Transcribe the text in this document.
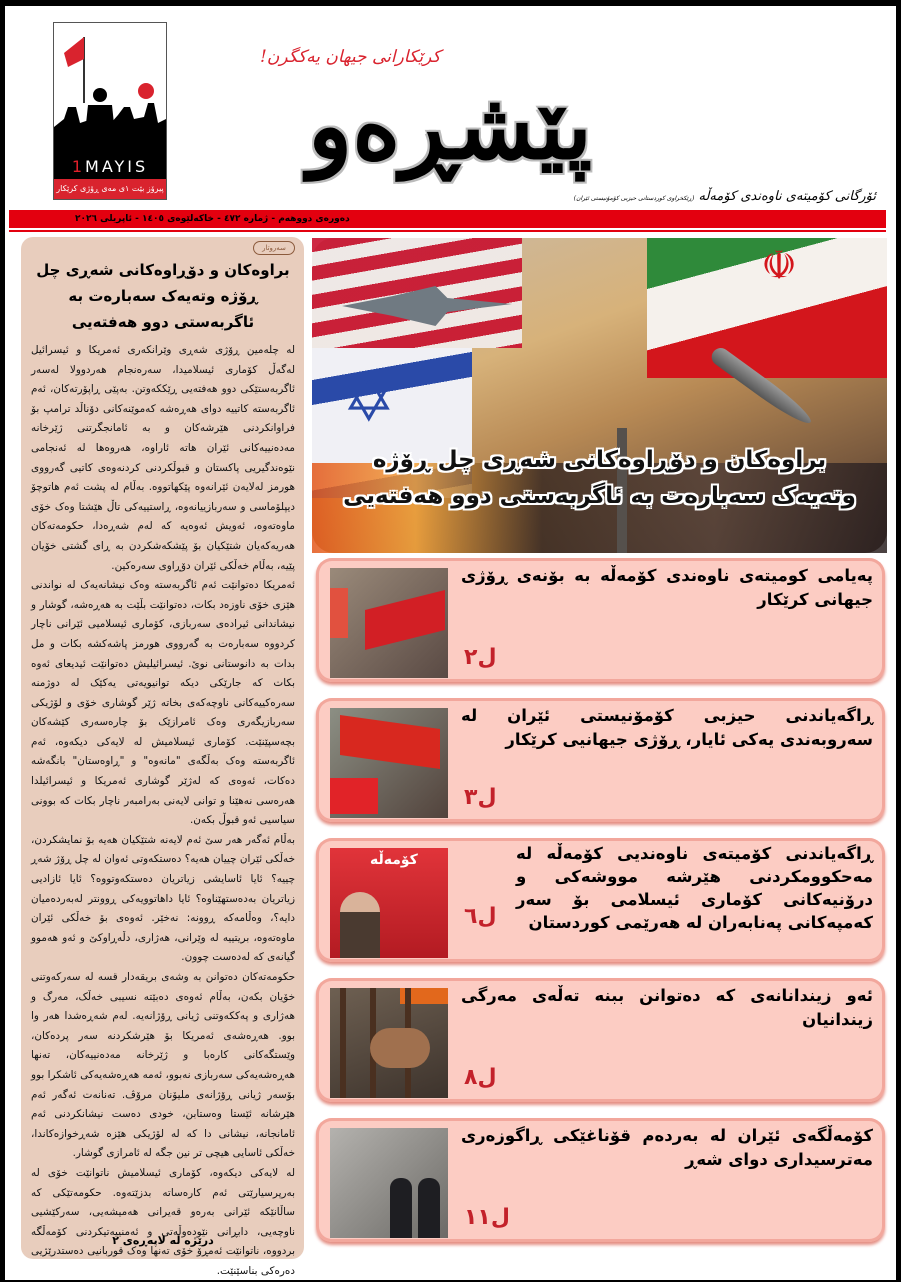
1MAYIS
پیرۆز بێت ١ی مەی ڕۆژی کرێکار
کرێکارانی جیهان یەکگرن!
پێشڕەو
ئۆرگانی کۆمیتەی ناوەندی کۆمەڵە (ڕێکخراوی کوردستانی حیزبی کۆمۆنیستی ئێران)
دەورەی دووهەم - ژمارە ٤٧٢ - خاکەلێوەی ١٤٠٥ - ئاپریلی ٢٠٢٦
سەروتار
براوەکان و دۆڕاوەکانی شەڕی چل ڕۆژە وتەیەک سەبارەت بە ئاگربەستی دوو هەفتەیی

لە چلەمین ڕۆژی شەڕی وێرانکەری ئەمریکا و ئیسرائیل لەگەڵ کۆماری ئیسلامیدا، سەرەنجام هەردوولا لەسەر ئاگربەستێکی دوو هەفتەیی ڕێککەوتن. بەپێی ڕاپۆرتەکان، ئەم ئاگربەستە کاتییە دوای هەڕەشە کەموێنەکانی دۆناڵد ترامپ بۆ فراوانکردنی هێرشەکان و بە ئامانجگرتنی ژێرخانە مەدەنییەکانی ئێران هاتە ئاراوە، هەروەها لە ئەنجامی نێوەندگیریی پاکستان و قبوڵکردنی کردنەوەی کاتیی گەرووی هورمز لەلایەن ئێرانەوە پێکهاتووە. بەڵام لە پشت ئەم هاتوچۆ دیپلۆماسی و سەربازییانەوە، ڕاستییەکی تاڵ هێشتا وەک خۆی ماوەتەوە، ئەویش ئەوەیە کە لەم شەڕەدا، حکومەتەکان هەریەکەیان شتێکیان بۆ پێشکەشکردن بە ڕای گشتی خۆیان پێیە، بەڵام خەڵکی ئێران دۆڕاوی سەرەکین.

ئەمریکا دەتوانێت ئەم ئاگربەستە وەک نیشانەیەک لە نواندنی هێزی خۆی ناوزەد بکات، دەتوانێت بڵێت بە هەڕەشە، گوشار و نیشاندانی ئیرادەی سەربازی، کۆماری ئیسلامیی ئێرانی ناچار کردووە سەبارەت بە گەرووی هورمز پاشەکشە بکات و مل بدات بە دانوستانی نوێ. ئیسرائیلیش دەتوانێت ئیدیعای ئەوە بکات کە جارێکی دیکە توانیویەتی یەکێک لە دوژمنە سەرەکییەکانی ناوچەکەی بخاتە ژێر گوشاری خۆی و لۆژیکی سەربازیگەری وەک ئامرازێک بۆ چارەسەری کێشەکان بچەسپێنێت. کۆماری ئیسلامیش لە لایەکی دیکەوە، ئەم ئاگربەستە وەک بەڵگەی "مانەوە" و "ڕاوەستان" بانگەشە دەکات، ئەوەی کە لەژێر گوشاری ئەمریکا و ئیسرائیلدا هەرەسی نەهێنا و توانی لایەنی بەرامبەر ناچار بکات کە بوونی سیاسیی ئەو قبوڵ بکەن.

بەڵام ئەگەر هەر سێ ئەم لایەنە شتێکیان هەیە بۆ نمایشکردن، خەڵکی ئێران چییان هەیە؟ دەستکەوتی ئەوان لە چل ڕۆژ شەڕ چییە؟ ئایا ئاسایشی زیاتریان دەستکەوتووە؟ ئایا ئازادیی زیاتریان بەدەستهێناوە؟ ئایا داهاتوویەکی ڕوونتر لەبەردەمیان دایە؟، وەڵامەکە ڕوونە: نەخێر. ئەوەی بۆ خەڵکی ئێران ماوەتەوە، بریتییە لە وێرانی، هەژاری، دڵەڕاوکێ و ئەو هەموو گیانەی کە لەدەست چوون.

حکومەتەکان دەتوانن بە وشەی بریقەدار قسە لە سەرکەوتنی خۆیان بکەن، بەڵام ئەوەی دەبێتە نسیبی خەڵک، مەرگ و هەژاری و پەککەوتنی ژیانی ڕۆژانەیە. لەم شەڕەشدا هەر وا بوو. هەڕەشەی ئەمریکا بۆ هێرشکردنە سەر پردەکان، وێستگەکانی کارەبا و ژێرخانە مەدەنییەکان، تەنها هەڕەشەیەکی سەربازی نەبوو، ئەمە هەڕەشەیەکی ئاشکرا بوو بۆسەر ژیانی ڕۆژانەی ملیۆنان مرۆڤ. تەنانەت ئەگەر ئەم هێرشانە ئێستا وەستابن، خودی دەست نیشانکردنی ئەم ئامانجانە، نیشانی دا کە لە لۆژیکی هێزە شەڕخوازەکاندا، خەڵکی ئاسایی هیچی تر نین جگە لە ئامرازی گوشار.

لە لایەکی دیکەوە، کۆماری ئیسلامیش ناتوانێت خۆی لە بەرپرسیارێتی ئەم کارەساتە بدزێتەوە. حکومەتێکی کە ساڵانێکە ئێرانی بەرەو قەیرانی هەمیشەیی، سەرکێشیی ناوچەیی، دابڕانی نێودەوڵەتی و ئەمنییەتیکردنی کۆمەڵگە بردووە، ناتوانێت ئەمڕۆ خۆی تەنها وەک قوربانیی دەستدرێژیی دەرەکی بناسێنێت.

درێژە لە لاپەڕەی ٢
✡
☫
براوەکان و دۆڕاوەکانی شەڕی چل ڕۆژە
وتەیەک سەبارەت بە ئاگربەستی دوو هەفتەیی
پەیامی کومیتەی ناوەندی کۆمەڵە بە بۆنەی ڕۆژی جیهانی کرێکار
ل٢
ڕاگەیاندنی حیزبی کۆمۆنیستی ئێران لە سەروبەندی یەکی ئایار، ڕۆژی جیهانیی کرێکار
ل٣
کۆمەڵە	ڕاگەیاندنی کۆمیتەی ناوەندیی کۆمەڵە لە مەحکوومکردنی هێرشە مووشەکی و درۆنیەکانی کۆماری ئیسلامی بۆ سەر کەمپەکانی پەنابەران لە هەرێمی کوردستان
ل٦
ئەو زیندانانەی کە دەتوانن ببنە تەڵەی مەرگی زیندانیان
ل٨
کۆمەڵگەی ئێران لە بەردەم قۆناغێکی ڕاگوزەری مەترسیداری دوای شەڕ
ل١١
